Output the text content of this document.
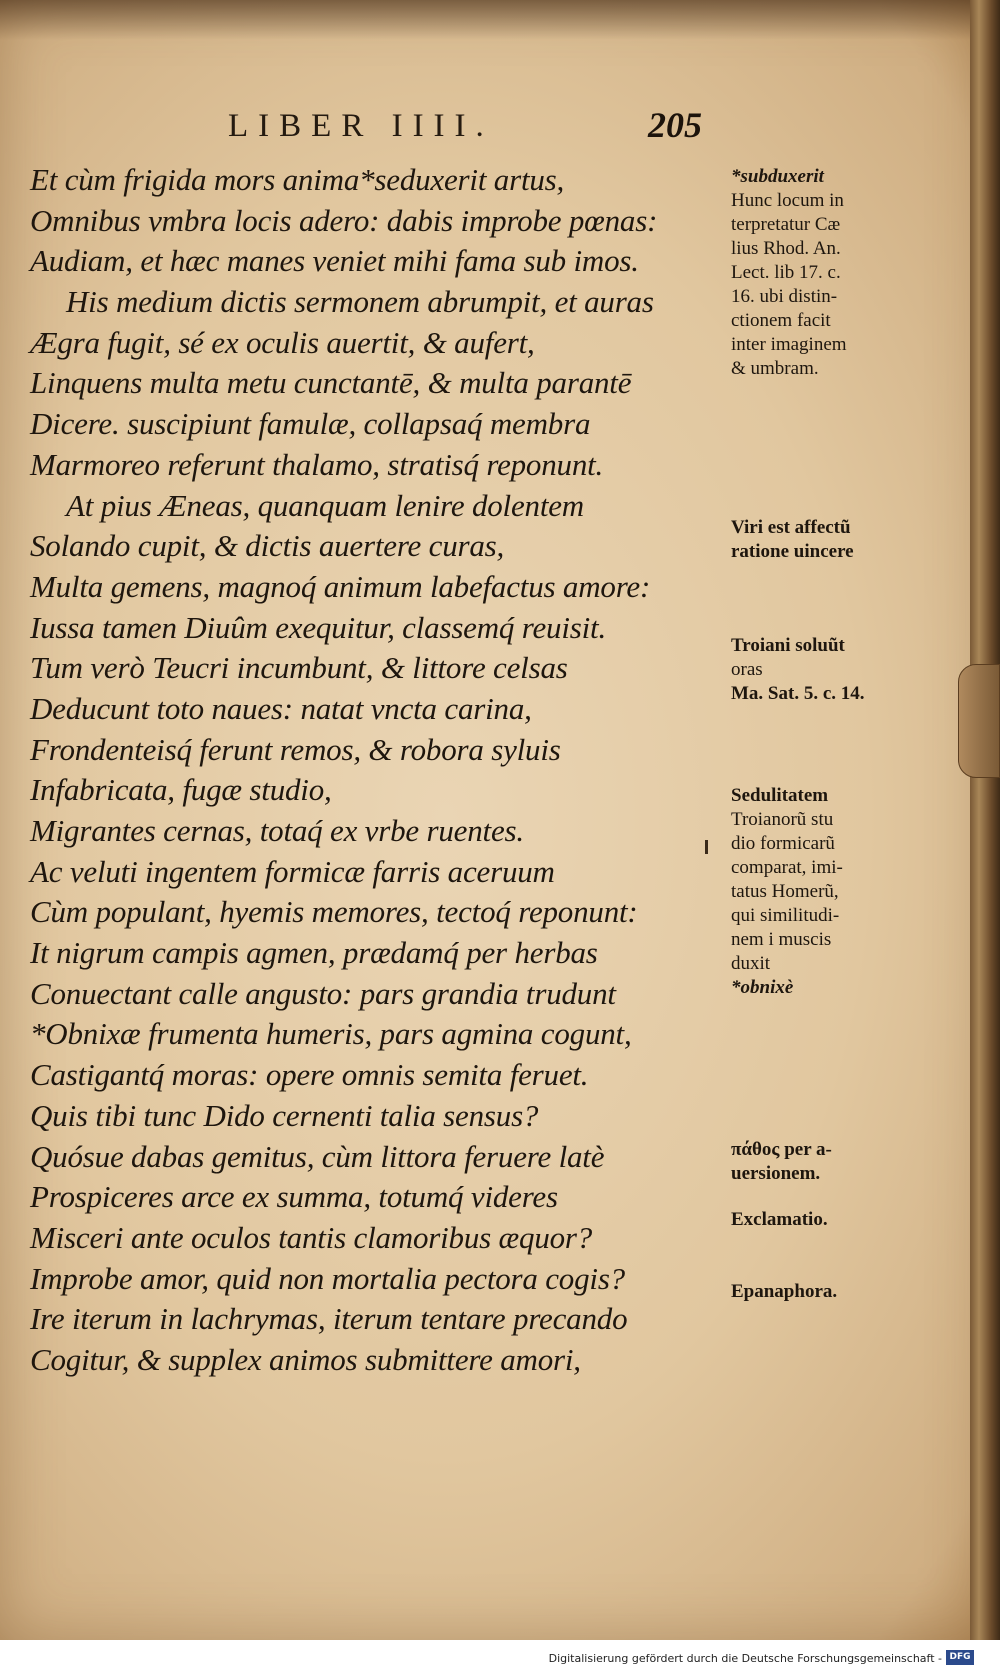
LIBER IIII.	205
Et cùm frigida mors anima*seduxerit artus,
Omnibus vmbra locis adero: dabis improbe pœnas:
Audiam, et hæc manes veniet mihi fama sub imos.
His medium dictis sermonem abrumpit, et auras
Ægra fugit, sé ex oculis auertit, & aufert,
Linquens multa metu cunctantē, & multa parantē
Dicere. suscipiunt famulæ, collapsaq́ membra
Marmoreo referunt thalamo, stratisq́ reponunt.
At pius Æneas, quanquam lenire dolentem
Solando cupit, & dictis auertere curas,
Multa gemens, magnoq́ animum labefactus amore:
Iussa tamen Diuûm exequitur, classemq́ reuisit.
Tum verò Teucri incumbunt, & littore celsas
Deducunt toto naues: natat vncta carina,
Frondenteisq́ ferunt remos, & robora syluis
Infabricata, fugæ studio,
Migrantes cernas, totaq́ ex vrbe ruentes.
Ac veluti ingentem formicæ farris aceruum
Cùm populant, hyemis memores, tectoq́ reponunt:
It nigrum campis agmen, prædamq́ per herbas
Conuectant calle angusto: pars grandia trudunt
*Obnixæ frumenta humeris, pars agmina cogunt,
Castigantq́ moras: opere omnis semita feruet.
Quis tibi tunc Dido cernenti talia sensus?
Quósue dabas gemitus, cùm littora feruere latè
Prospiceres arce ex summa, totumq́ videres
Misceri ante oculos tantis clamoribus æquor?
Improbe amor, quid non mortalia pectora cogis?
Ire iterum in lachrymas, iterum tentare precando
Cogitur, & supplex animos submittere amori,
*subduxerit
Hunc locum in
terpretatur Cæ
lius Rhod. An.
Lect. lib 17. c.
16. ubi distin-
ctionem facit
inter imaginem
& umbram.
Viri est affectũ
ratione uincere
Troiani soluũt
oras
Ma. Sat. 5. c. 14.
Sedulitatem
Troianorũ stu
dio formicarũ
comparat, imi-
tatus Homerũ,
qui similitudi-
nem i muscis
duxit
*obnixè
πάθος per a-
uersionem.
Exclamatio.
Epanaphora.
Digitalisierung gefördert durch die Deutsche Forschungsgemeinschaft - DFG
